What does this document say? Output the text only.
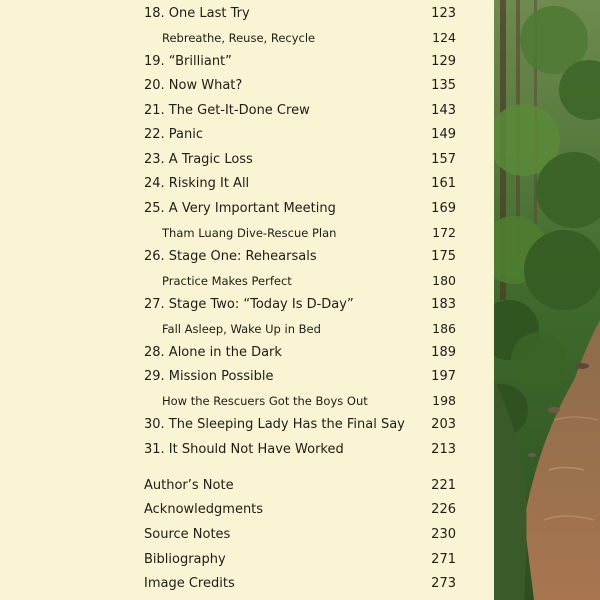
18. One Last Try	123
Rebreathe, Reuse, Recycle	124
19. “Brilliant”	129
20. Now What?	135
21. The Get-It-Done Crew	143
22. Panic	149
23. A Tragic Loss	157
24. Risking It All	161
25. A Very Important Meeting	169
Tham Luang Dive-Rescue Plan	172
26. Stage One: Rehearsals	175
Practice Makes Perfect	180
27. Stage Two: “Today Is D-Day”	183
Fall Asleep, Wake Up in Bed	186
28. Alone in the Dark	189
29. Mission Possible	197
How the Rescuers Got the Boys Out	198
30. The Sleeping Lady Has the Final Say 203
31. It Should Not Have Worked	213
Author’s Note	221
Acknowledgments	226
Source Notes	230
Bibliography	271
Image Credits	273
